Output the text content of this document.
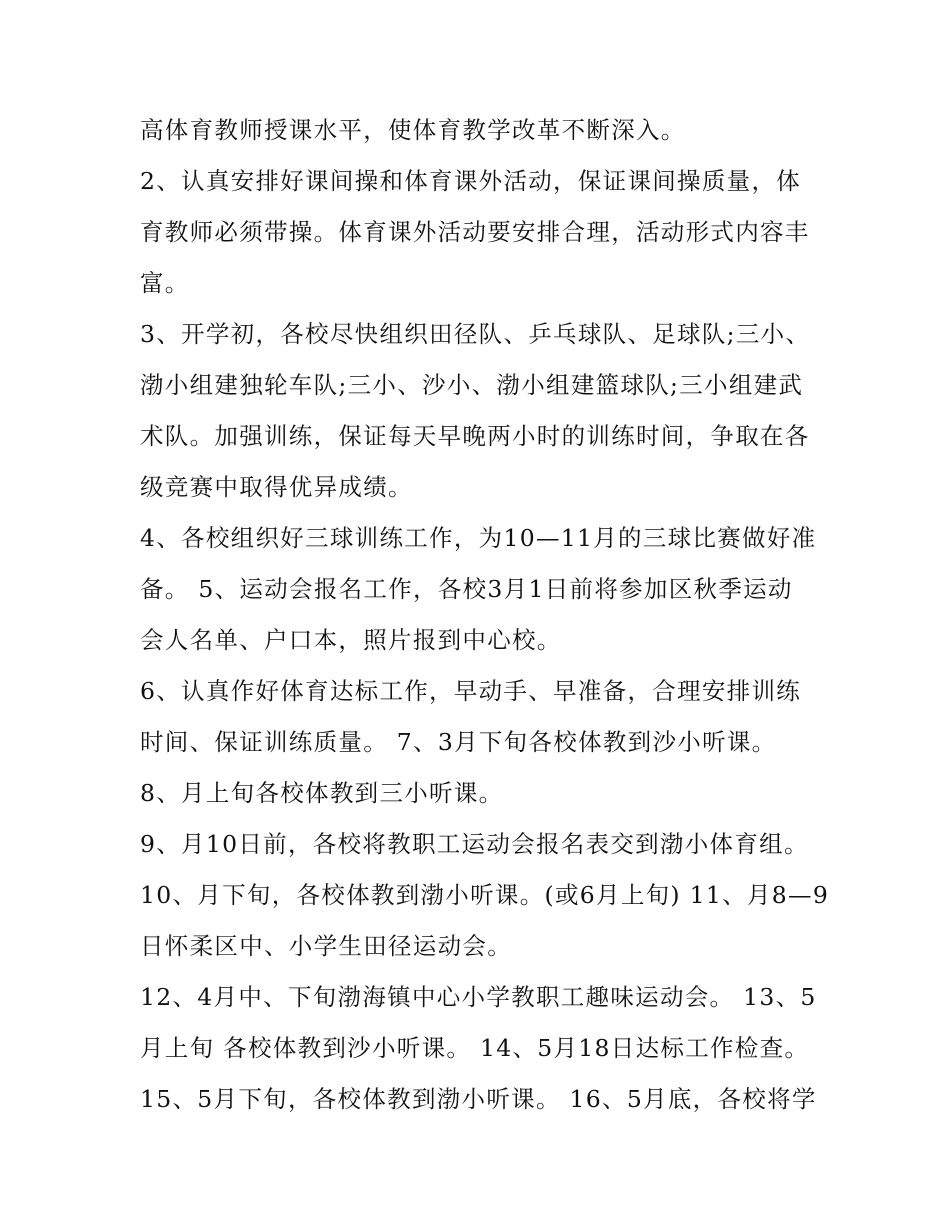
高体育教师授课水平，使体育教学改革不断深入。
2、认真安排好课间操和体育课外活动，保证课间操质量，体
育教师必须带操。体育课外活动要安排合理，活动形式内容丰
富。
3、开学初，各校尽快组织田径队、乒乓球队、足球队;三小、
渤小组建独轮车队;三小、沙小、渤小组建篮球队;三小组建武
术队。加强训练，保证每天早晚两小时的训练时间，争取在各
级竞赛中取得优异成绩。
4、各校组织好三球训练工作，为10—11月的三球比赛做好准
备。 5、运动会报名工作，各校3月1日前将参加区秋季运动
会人名单、户口本，照片报到中心校。
6、认真作好体育达标工作，早动手、早准备，合理安排训练
时间、保证训练质量。 7、3月下旬各校体教到沙小听课。
8、月上旬各校体教到三小听课。
9、月10日前，各校将教职工运动会报名表交到渤小体育组。
10、月下旬，各校体教到渤小听课。(或6月上旬) 11、月8—9
日怀柔区中、小学生田径运动会。
12、4月中、下旬渤海镇中心小学教职工趣味运动会。 13、5
月上旬 各校体教到沙小听课。 14、5月18日达标工作检查。
15、5月下旬，各校体教到渤小听课。 16、5月底，各校将学
